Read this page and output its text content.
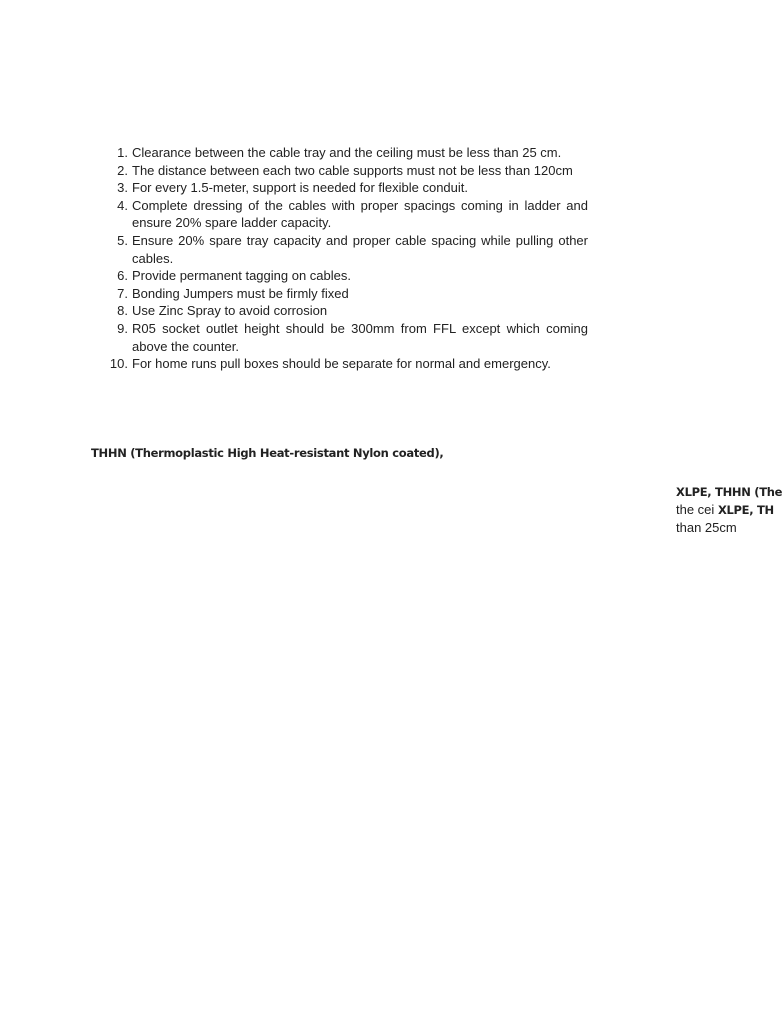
1. Clearance between the cable tray and the ceiling must be less than 25 cm.
2. The distance between each two cable supports must not be less than 120cm
3. For every 1.5-meter, support is needed for flexible conduit.
4. Complete dressing of the cables with proper spacings coming in ladder and ensure 20% spare ladder capacity.
5. Ensure 20% spare tray capacity and proper cable spacing while pulling other cables.
6. Provide permanent tagging on cables.
7. Bonding Jumpers must be firmly fixed
8. Use Zinc Spray to avoid corrosion
9. R05 socket outlet height should be 300mm from FFL except which coming above the counter.
10. For home runs pull boxes should be separate for normal and emergency.
THHN (Thermoplastic High Heat-resistant Nylon coated),
XLPE, THHN (The
the cei XLPE, TH
than 25cm
